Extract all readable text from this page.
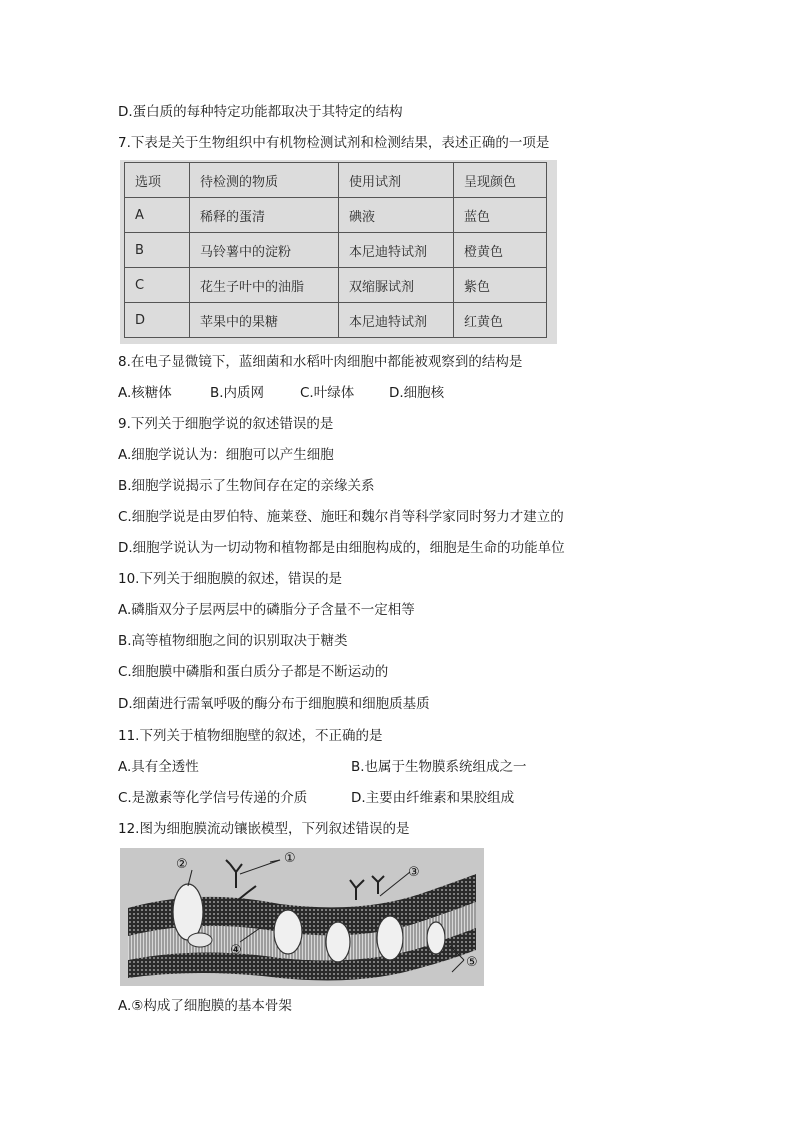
D.蛋白质的每种特定功能都取决于其特定的结构
7.下表是关于生物组织中有机物检测试剂和检测结果，表述正确的一项是
选项	待检测的物质	使用试剂	呈现颜色
A	稀释的蛋清	碘液	蓝色
B	马铃薯中的淀粉	本尼迪特试剂	橙黄色
C	花生子叶中的油脂	双缩脲试剂	紫色
D	苹果中的果糖	本尼迪特试剂	红黄色
8.在电子显微镜下，蓝细菌和水稻叶肉细胞中都能被观察到的结构是
A.核糖体	B.内质网	C.叶绿体	D.细胞核
9.下列关于细胞学说的叙述错误的是
A.细胞学说认为：细胞可以产生细胞
B.细胞学说揭示了生物间存在定的亲缘关系
C.细胞学说是由罗伯特、施莱登、施旺和魏尔肖等科学家同时努力才建立的
D.细胞学说认为一切动物和植物都是由细胞构成的，细胞是生命的功能单位
10.下列关于细胞膜的叙述，错误的是
A.磷脂双分子层两层中的磷脂分子含量不一定相等
B.高等植物细胞之间的识别取决于糖类
C.细胞膜中磷脂和蛋白质分子都是不断运动的
D.细菌进行需氧呼吸的酶分布于细胞膜和细胞质基质
11.下列关于植物细胞壁的叙述，不正确的是
A.具有全透性	B.也属于生物膜系统组成之一
C.是激素等化学信号传递的介质	D.主要由纤维素和果胶组成
12.图为细胞膜流动镶嵌模型，下列叙述错误的是
①
②
③
④
⑤
A.⑤构成了细胞膜的基本骨架
